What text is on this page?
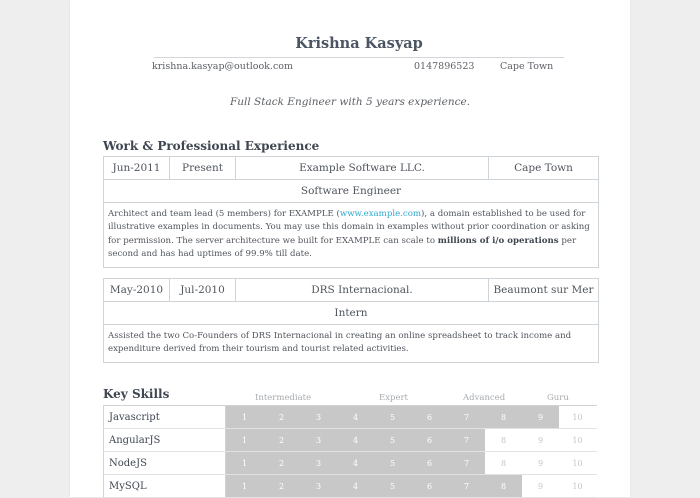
Krishna Kasyap
krishna.kasyap@outlook.com	0147896523	Cape Town
Full Stack Engineer with 5 years experience.
Work & Professional Experience
Jun-2011	Present	Example Software LLC.	Cape Town
Software Engineer
Architect and team lead (5 members) for EXAMPLE (www.example.com), a domain established to be used for illustrative examples in documents. You may use this domain in examples without prior coordination or asking for permission. The server architecture we built for EXAMPLE can scale to millions of i/o operations per second and has had uptimes of 99.9% till date.
May-2010	Jul-2010	DRS Internacional.	Beaumont sur Mer
Intern
Assisted the two Co-Founders of DRS Internacional in creating an online spreadsheet to track income and expenditure derived from their tourism and tourist related activities.
Key Skills	Intermediate	Expert	Advanced	Guru
Javascript	1	2	3	4	5	6	7	8	9	10
AngularJS	1	2	3	4	5	6	7	8	9	10
NodeJS	1	2	3	4	5	6	7	8	9	10
MySQL	1	2	3	4	5	6	7	8	9	10
